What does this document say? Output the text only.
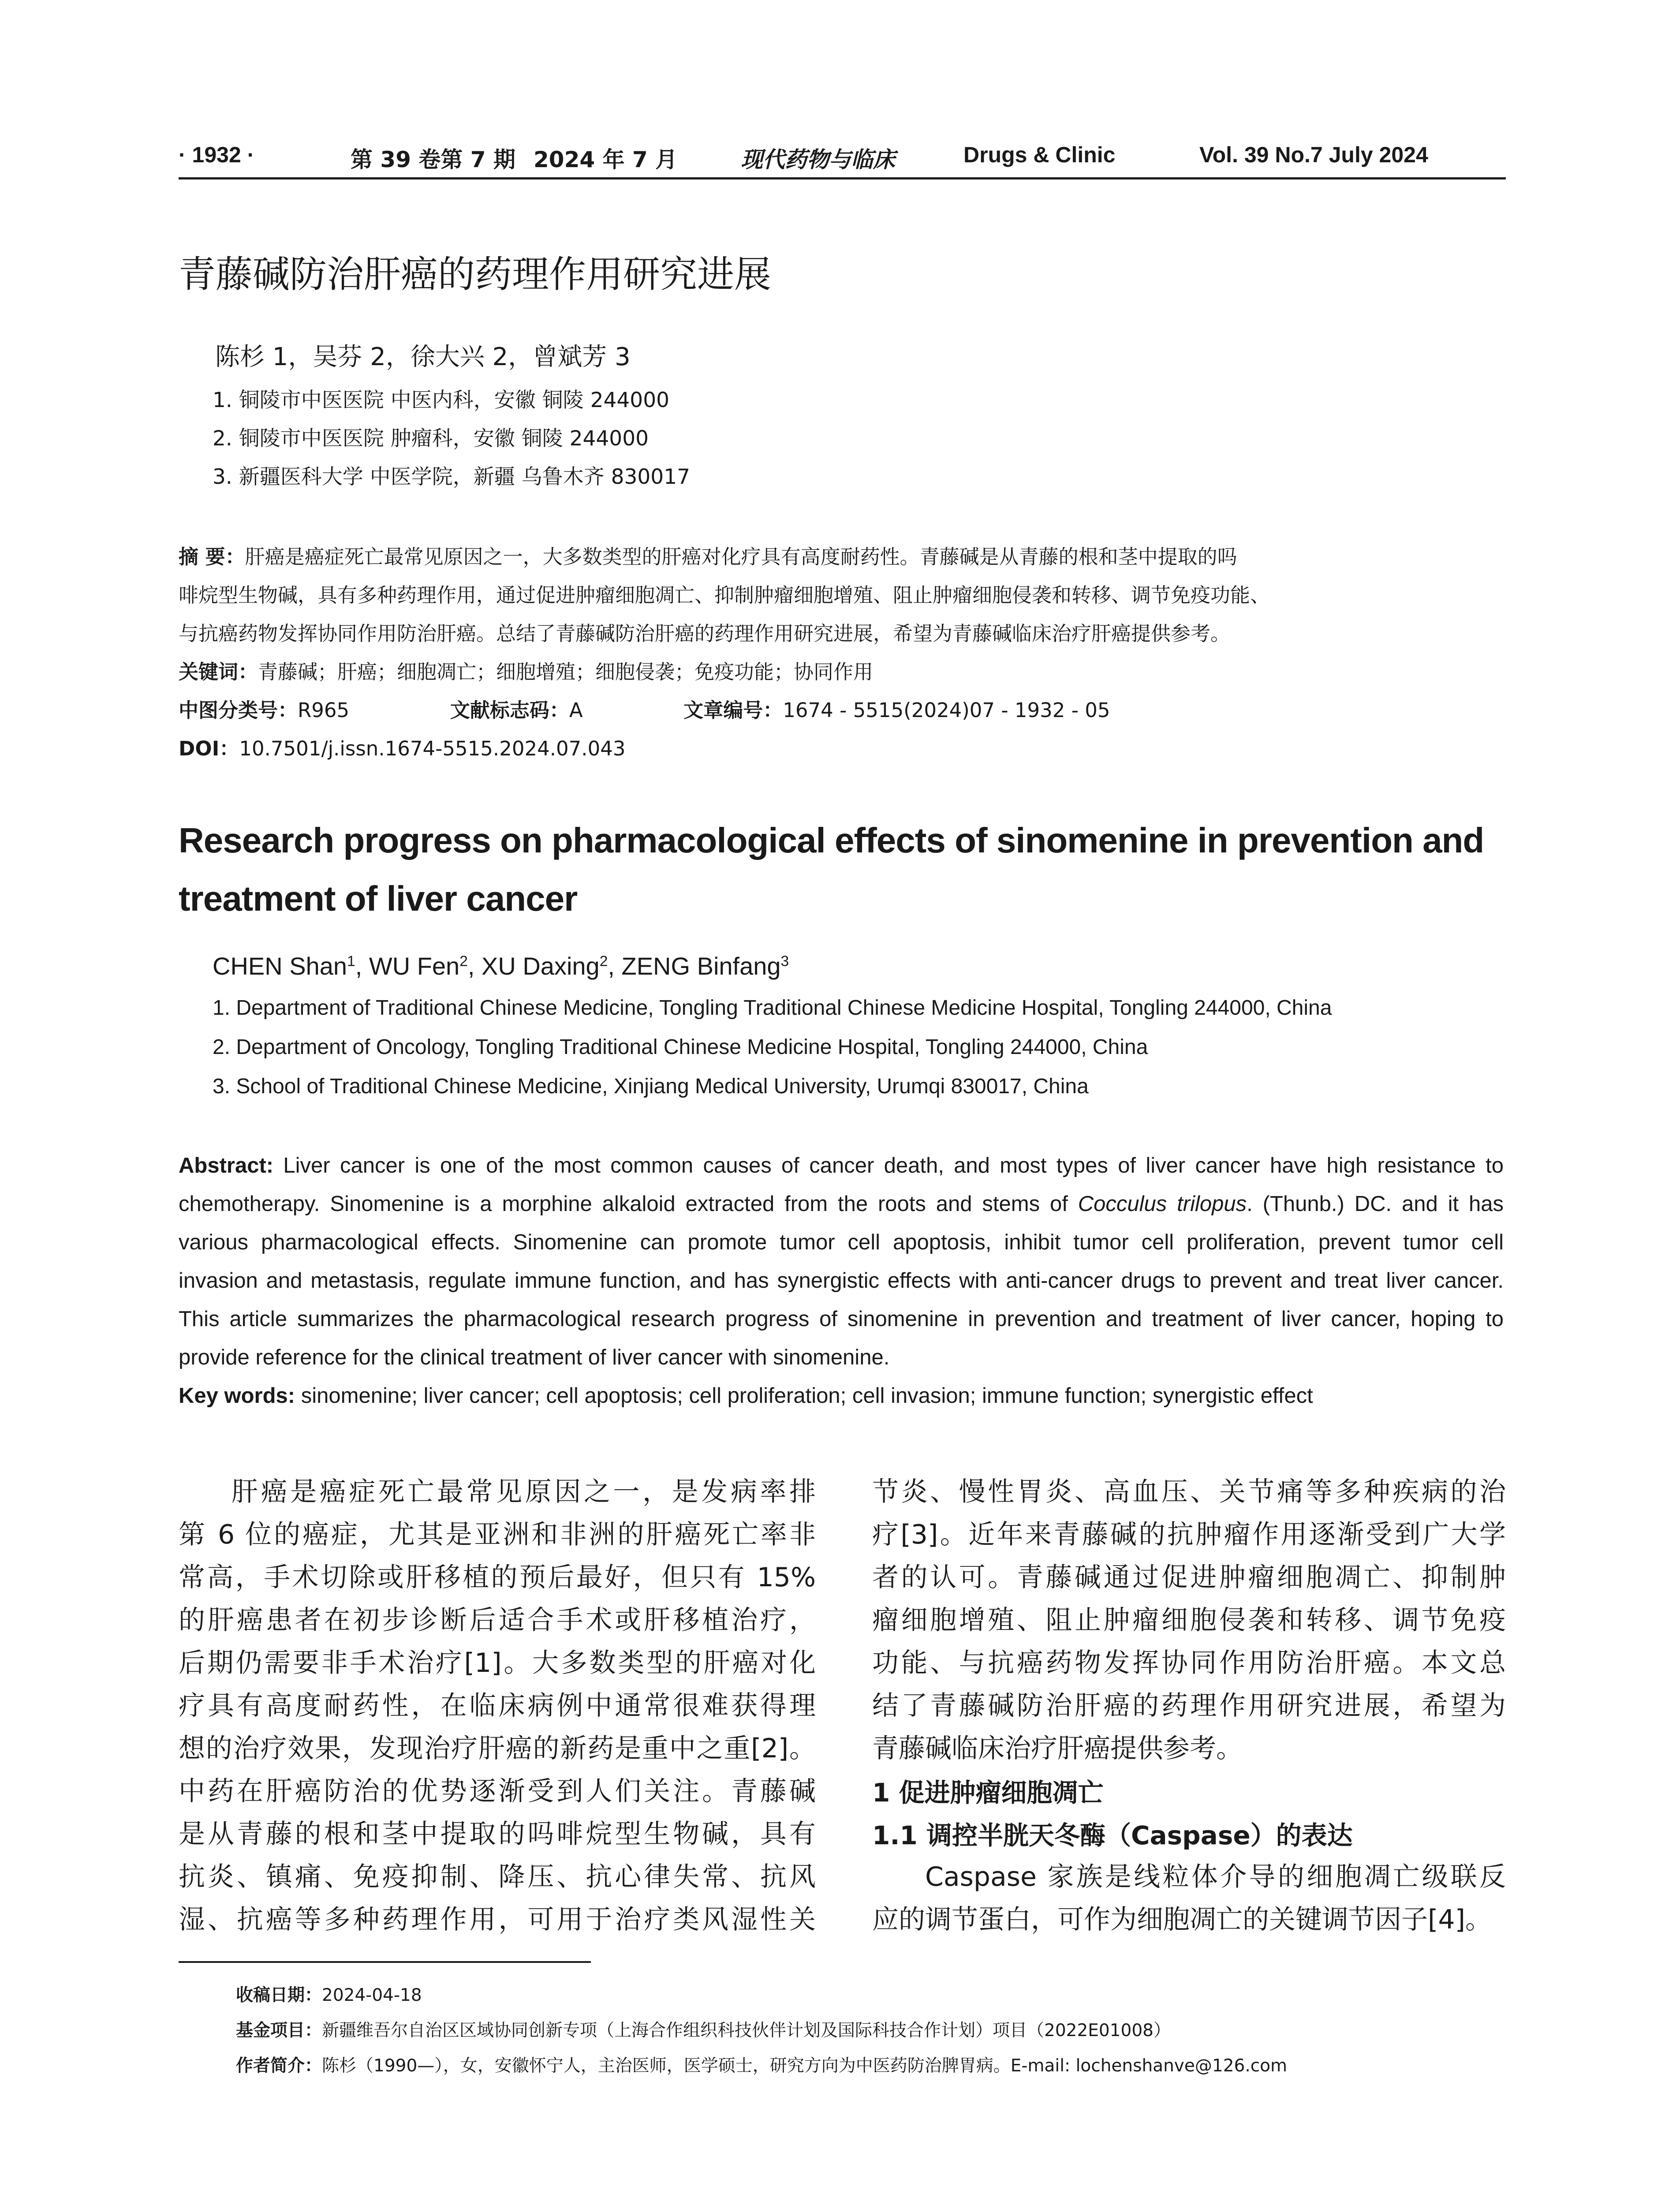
· 1932 ·	第 39 卷第 7 期 2024 年 7 月	现代药物与临床	Drugs & Clinic	Vol. 39 No.7 July 2024
青藤碱防治肝癌的药理作用研究进展
陈杉 1，吴芬 2，徐大兴 2，曾斌芳 3
1. 铜陵市中医医院 中医内科，安徽 铜陵 244000
2. 铜陵市中医医院 肿瘤科，安徽 铜陵 244000
3. 新疆医科大学 中医学院，新疆 乌鲁木齐 830017
摘 要：肝癌是癌症死亡最常见原因之一，大多数类型的肝癌对化疗具有高度耐药性。青藤碱是从青藤的根和茎中提取的吗
啡烷型生物碱，具有多种药理作用，通过促进肿瘤细胞凋亡、抑制肿瘤细胞增殖、阻止肿瘤细胞侵袭和转移、调节免疫功能、
与抗癌药物发挥协同作用防治肝癌。总结了青藤碱防治肝癌的药理作用研究进展，希望为青藤碱临床治疗肝癌提供参考。
关键词：青藤碱；肝癌；细胞凋亡；细胞增殖；细胞侵袭；免疫功能；协同作用
中图分类号：R965	文献标志码：A	文章编号：1674 - 5515(2024)07 - 1932 - 05
DOI：10.7501/j.issn.1674-5515.2024.07.043
Research progress on pharmacological effects of sinomenine in prevention and treatment of liver cancer
CHEN Shan$^1$, WU Fen$^2$, XU Daxing$^2$, ZENG Binfang$^3$
1. Department of Traditional Chinese Medicine, Tongling Traditional Chinese Medicine Hospital, Tongling 244000, China
2. Department of Oncology, Tongling Traditional Chinese Medicine Hospital, Tongling 244000, China
3. School of Traditional Chinese Medicine, Xinjiang Medical University, Urumqi 830017, China
Abstract: Liver cancer is one of the most common causes of cancer death, and most types of liver cancer have high resistance to
chemotherapy. Sinomenine is a morphine alkaloid extracted from the roots and stems of Cocculus trilopus. (Thunb.) DC. and it has
various pharmacological effects. Sinomenine can promote tumor cell apoptosis, inhibit tumor cell proliferation, prevent tumor cell
invasion and metastasis, regulate immune function, and has synergistic effects with anti-cancer drugs to prevent and treat liver cancer.
This article summarizes the pharmacological research progress of sinomenine in prevention and treatment of liver cancer, hoping to
provide reference for the clinical treatment of liver cancer with sinomenine.
Key words: sinomenine; liver cancer; cell apoptosis; cell proliferation; cell invasion; immune function; synergistic effect
肝癌是癌症死亡最常见原因之一，是发病率排
第 6 位的癌症，尤其是亚洲和非洲的肝癌死亡率非
常高，手术切除或肝移植的预后最好，但只有 15%
的肝癌患者在初步诊断后适合手术或肝移植治疗，
后期仍需要非手术治疗[1]。大多数类型的肝癌对化
疗具有高度耐药性，在临床病例中通常很难获得理
想的治疗效果，发现治疗肝癌的新药是重中之重[2]。
中药在肝癌防治的优势逐渐受到人们关注。青藤碱
是从青藤的根和茎中提取的吗啡烷型生物碱，具有
抗炎、镇痛、免疫抑制、降压、抗心律失常、抗风
湿、抗癌等多种药理作用，可用于治疗类风湿性关
节炎、慢性胃炎、高血压、关节痛等多种疾病的治
疗[3]。近年来青藤碱的抗肿瘤作用逐渐受到广大学
者的认可。青藤碱通过促进肿瘤细胞凋亡、抑制肿
瘤细胞增殖、阻止肿瘤细胞侵袭和转移、调节免疫
功能、与抗癌药物发挥协同作用防治肝癌。本文总
结了青藤碱防治肝癌的药理作用研究进展，希望为
青藤碱临床治疗肝癌提供参考。
1 促进肿瘤细胞凋亡
1.1 调控半胱天冬酶（Caspase）的表达
Caspase 家族是线粒体介导的细胞凋亡级联反
应的调节蛋白，可作为细胞凋亡的关键调节因子[4]。
收稿日期：2024-04-18
基金项目：新疆维吾尔自治区区域协同创新专项（上海合作组织科技伙伴计划及国际科技合作计划）项目（2022E01008）
作者简介：陈杉（1990—），女，安徽怀宁人，主治医师，医学硕士，研究方向为中医药防治脾胃病。E-mail: lochenshanve@126.com
